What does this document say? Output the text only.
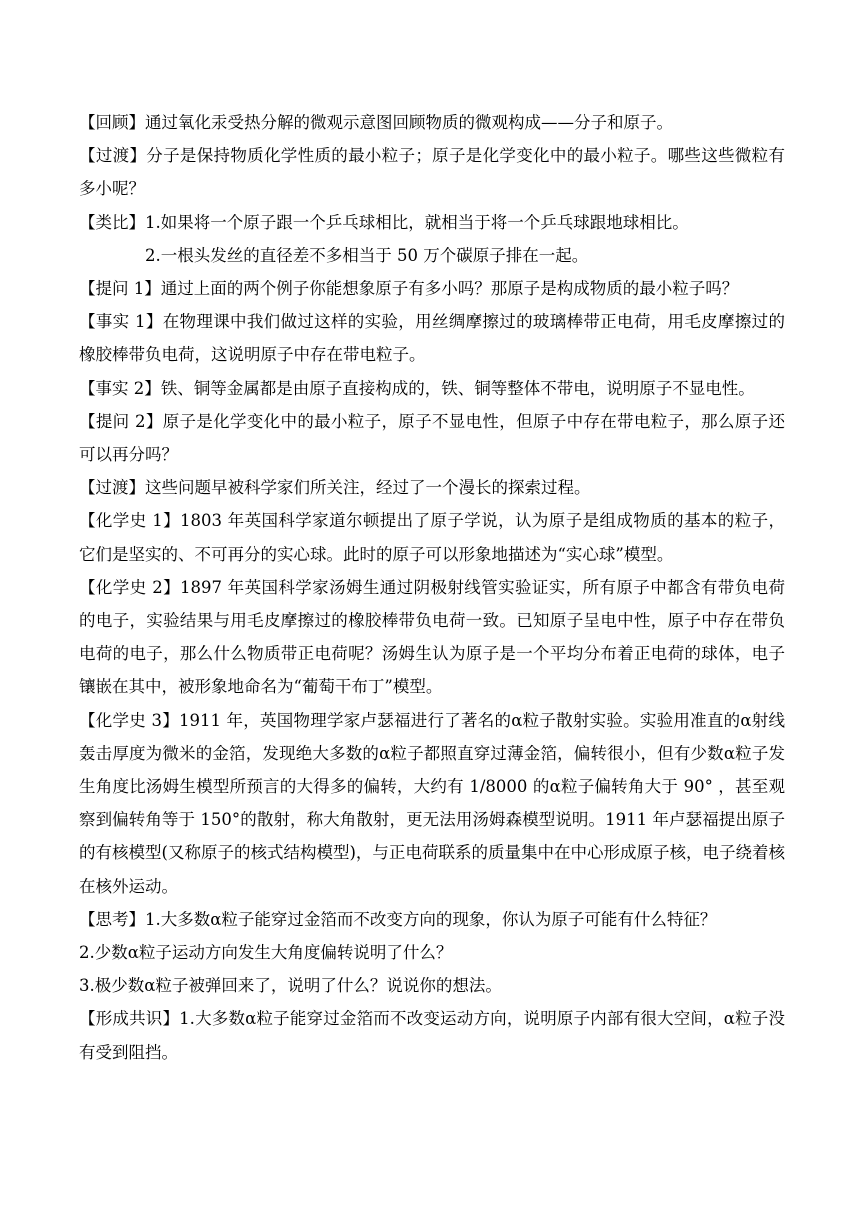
【回顾】通过氧化汞受热分解的微观示意图回顾物质的微观构成——分子和原子。

【过渡】分子是保持物质化学性质的最小粒子；原子是化学变化中的最小粒子。哪些这些微粒有多小呢？

【类比】1.如果将一个原子跟一个乒乓球相比，就相当于将一个乒乓球跟地球相比。

2.一根头发丝的直径差不多相当于 50 万个碳原子排在一起。

【提问 1】通过上面的两个例子你能想象原子有多小吗？那原子是构成物质的最小粒子吗？

【事实 1】在物理课中我们做过这样的实验，用丝绸摩擦过的玻璃棒带正电荷，用毛皮摩擦过的橡胶棒带负电荷，这说明原子中存在带电粒子。

【事实 2】铁、铜等金属都是由原子直接构成的，铁、铜等整体不带电，说明原子不显电性。

【提问 2】原子是化学变化中的最小粒子，原子不显电性，但原子中存在带电粒子，那么原子还可以再分吗？

【过渡】这些问题早被科学家们所关注，经过了一个漫长的探索过程。

【化学史 1】1803 年英国科学家道尔顿提出了原子学说，认为原子是组成物质的基本的粒子，它们是坚实的、不可再分的实心球。此时的原子可以形象地描述为“实心球”模型。

【化学史 2】1897 年英国科学家汤姆生通过阴极射线管实验证实，所有原子中都含有带负电荷的电子，实验结果与用毛皮摩擦过的橡胶棒带负电荷一致。已知原子呈电中性，原子中存在带负电荷的电子，那么什么物质带正电荷呢？汤姆生认为原子是一个平均分布着正电荷的球体，电子镶嵌在其中，被形象地命名为“葡萄干布丁”模型。

【化学史 3】1911 年，英国物理学家卢瑟福进行了著名的α粒子散射实验。实验用准直的α射线轰击厚度为微米的金箔，发现绝大多数的α粒子都照直穿过薄金箔，偏转很小，但有少数α粒子发生角度比汤姆生模型所预言的大得多的偏转，大约有 1/8000 的α粒子偏转角大于 90° ，甚至观察到偏转角等于 150°的散射，称大角散射，更无法用汤姆森模型说明。1911 年卢瑟福提出原子的有核模型(又称原子的核式结构模型)，与正电荷联系的质量集中在中心形成原子核，电子绕着核在核外运动。

【思考】1.大多数α粒子能穿过金箔而不改变方向的现象，你认为原子可能有什么特征？

2.少数α粒子运动方向发生大角度偏转说明了什么？

3.极少数α粒子被弹回来了，说明了什么？说说你的想法。

【形成共识】1.大多数α粒子能穿过金箔而不改变运动方向，说明原子内部有很大空间，α粒子没有受到阻挡。
